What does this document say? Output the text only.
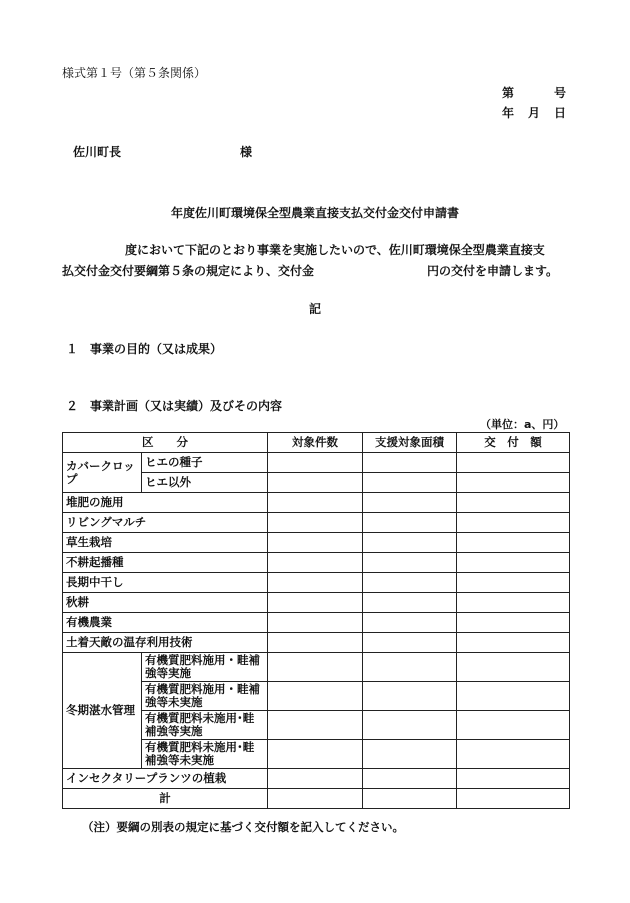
様式第１号（第５条関係）
第	号
年 月 日
佐川町長	様
年度佐川町環境保全型農業直接支払交付金交付申請書
度において下記のとおり事業を実施したいので、佐川町環境保全型農業直接支
払交付金交付要綱第５条の規定により、交付金	円の交付を申請します。
記
１　事業の目的（又は成果）
２　事業計画（又は実績）及びその内容
（単位：a、円）
区　　分		対象件数	支援対象面積	交　付　額
カバークロップ	ヒエの種子			
	ヒエ以外			
堆肥の施用				
リビングマルチ				
草生栽培				
不耕起播種				
長期中干し				
秋耕				
有機農業				
土着天敵の温存利用技術				
冬期湛水管理	有機質肥料施用・畦補強等実施			
	有機質肥料施用・畦補強等未実施			
	有機質肥料未施用･畦補強等実施			
	有機質肥料未施用･畦補強等未実施			
インセクタリープランツの植栽				
計				
（注）要綱の別表の規定に基づく交付額を記入してください。
